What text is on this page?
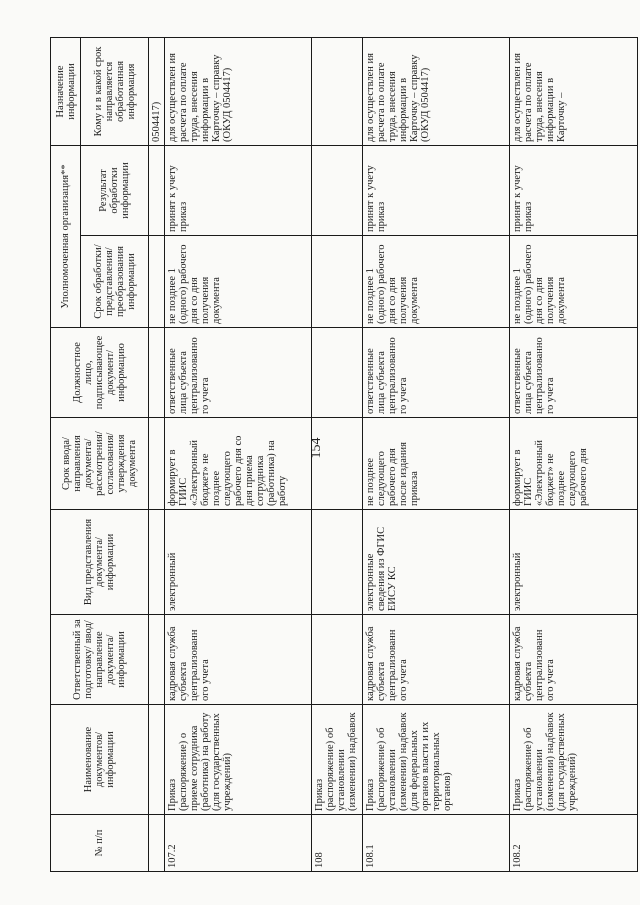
154
№ п/п	Наименование документов/информации	Ответственный за подготовку/ ввод/ направление документа/ информации	Вид представления документа/ информации	Срок ввода/ направления документа/ рассмотрения/ согласования/ утверждения документа	Должностное лицо, подписывающее документ/ информацию	Уполномоченная организация**		Назначение информации
						Срок обработки/ представления/ преобразования информации	Результат обработки информации	Кому и в какой срок направляется обработанная информация
								0504417)
107.2	Приказ (распоряжение) о приеме сотрудника (работника) на работу (для государственных учреждений)	кадровая служба субъекта централизованн ого учета	электронный	формирует в ГИИС «Электронный бюджет» не позднее следующего рабочего дня со дня приема сотрудника (работника) на работу	ответственные лица субъекта централизованно го учета	не позднее 1 (одного) рабочего дня со дня получения документа	принят к учету приказ	для осуществлен ия расчета по оплате труда, внесения информации в Карточку – справку (ОКУД 0504417)
108	Приказ (распоряжение) об установлении (изменении) надбавок							
108.1	Приказ (распоряжение) об установлении (изменении) надбавок (для федеральных органов власти и их территориальных органов)	кадровая служба субъекта централизованн ого учета	электронные сведения из ФГИС ЕИСУ КС	не позднее следующего рабочего дня после издания приказа	ответственные лица субъекта централизованно го учета	не позднее 1 (одного) рабочего дня со дня получения документа	принят к учету приказ	для осуществлен ия расчета по оплате труда, внесения информации в Карточку – справку (ОКУД 0504417)
108.2	Приказ (распоряжение) об установлении (изменении) надбавок (для государственных учреждений)	кадровая служба субъекта централизованн ого учета	электронный	формирует в ГИИС «Электронный бюджет» не позднее следующего рабочего дня	ответственные лица субъекта централизованно го учета	не позднее 1 (одного) рабочего дня со дня получения документа	принят к учету приказ	для осуществлен ия расчета по оплате труда, внесения информации в Карточку –
